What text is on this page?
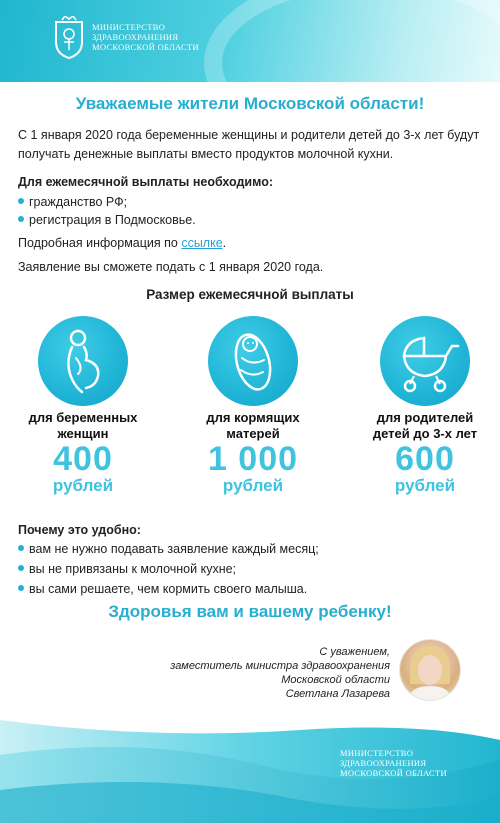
МИНИСТЕРСТВО
ЗДРАВООХРАНЕНИЯ
МОСКОВСКОЙ ОБЛАСТИ
Уважаемые жители Московской области!
С 1 января 2020 года беременные женщины и родители детей до 3-х лет будут получать денежные выплаты вместо продуктов молочной кухни.
Для ежемесячной выплаты необходимо:
гражданство РФ;
регистрация в Подмосковье.
Подробная информация по ссылке.
Заявление вы сможете подать с 1 января 2020 года.
Размер ежемесячной выплаты
для беременных
женщин
400
рублей
для кормящих
матерей
1 000
рублей
для родителей
детей до 3-х лет
600
рублей
Почему это удобно:
вам не нужно подавать заявление каждый месяц;
вы не привязаны к молочной кухне;
вы сами решаете, чем кормить своего малыша.
Здоровья вам и вашему ребенку!
С уважением,
заместитель министра здравоохранения
Московской области
Светлана Лазарева
МИНИСТЕРСТВО
ЗДРАВООХРАНЕНИЯ
МОСКОВСКОЙ ОБЛАСТИ
